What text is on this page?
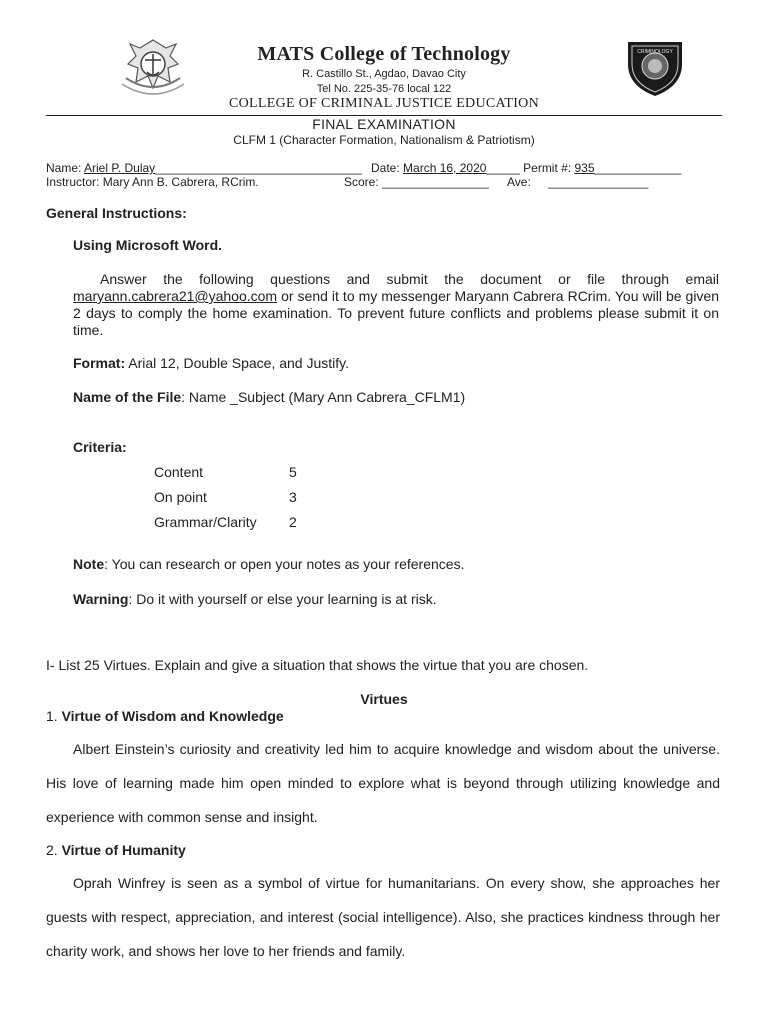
CRIMINOLOGY
MATS College of Technology
R. Castillo St., Agdao, Davao City
Tel No. 225-35-76 local 122
COLLEGE OF CRIMINAL JUSTICE EDUCATION
FINAL EXAMINATION
CLFM 1 (Character Formation, Nationalism & Patriotism)
Name: Ariel P. Dulay_______________________________ Date: March 16, 2020_____ Permit #: 935_____________
Instructor: Mary Ann B. Cabrera, RCrim.	Score: ________________ Ave: _______________
General Instructions:
Using Microsoft Word.
Answer the following questions and submit the document or file through email maryann.cabrera21@yahoo.com or send it to my messenger Maryann Cabrera RCrim. You will be given 2 days to comply the home examination. To prevent future conflicts and problems please submit it on time.
Format: Arial 12, Double Space, and Justify.
Name of the File: Name _Subject (Mary Ann Cabrera_CFLM1)
Criteria:
Content	5
On point	3
Grammar/Clarity 2
Note: You can research or open your notes as your references.
Warning: Do it with yourself or else your learning is at risk.
I- List 25 Virtues. Explain and give a situation that shows the virtue that you are chosen.
Virtues
1. Virtue of Wisdom and Knowledge
Albert Einstein’s curiosity and creativity led him to acquire knowledge and wisdom about the universe. His love of learning made him open minded to explore what is beyond through utilizing knowledge and experience with common sense and insight.
2. Virtue of Humanity
Oprah Winfrey is seen as a symbol of virtue for humanitarians. On every show, she approaches her guests with respect, appreciation, and interest (social intelligence). Also, she practices kindness through her charity work, and shows her love to her friends and family.
